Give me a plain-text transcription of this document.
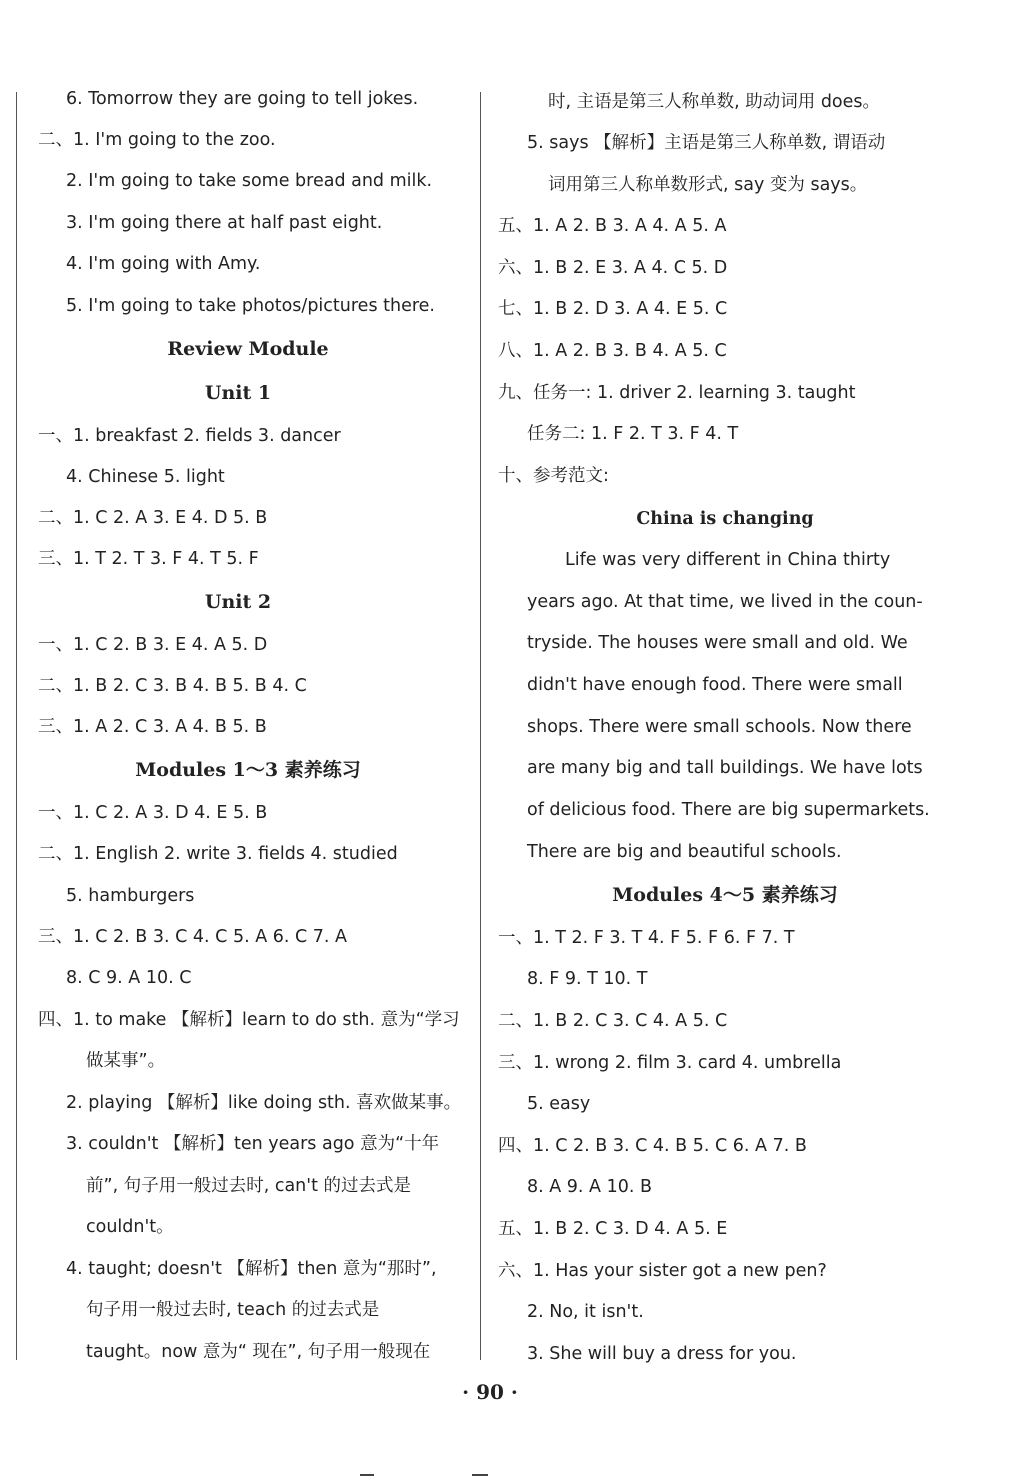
6. Tomorrow they are going to tell jokes.
二、1. I'm going to the zoo.
2. I'm going to take some bread and milk.
3. I'm going there at half past eight.
4. I'm going with Amy.
5. I'm going to take photos/pictures there.
Review Module
Unit 1
一、1. breakfast 2. fields 3. dancer
4. Chinese 5. light
二、1. C 2. A 3. E 4. D 5. B
三、1. T 2. T 3. F 4. T 5. F
Unit 2
一、1. C 2. B 3. E 4. A 5. D
二、1. B 2. C 3. B 4. B 5. B 4. C
三、1. A 2. C 3. A 4. B 5. B
Modules 1～3 素养练习
一、1. C 2. A 3. D 4. E 5. B
二、1. English 2. write 3. fields 4. studied
5. hamburgers
三、1. C 2. B 3. C 4. C 5. A 6. C 7. A
8. C 9. A 10. C
四、1. to make 【解析】learn to do sth. 意为“学习
做某事”。
2. playing 【解析】like doing sth. 喜欢做某事。
3. couldn't 【解析】ten years ago 意为“十年
前”, 句子用一般过去时, can't 的过去式是
couldn't。
4. taught; doesn't 【解析】then 意为“那时”,
句子用一般过去时, teach 的过去式是
taught。now 意为“ 现在”, 句子用一般现在
时, 主语是第三人称单数, 助动词用 does。
5. says 【解析】主语是第三人称单数, 谓语动
词用第三人称单数形式, say 变为 says。
五、1. A 2. B 3. A 4. A 5. A
六、1. B 2. E 3. A 4. C 5. D
七、1. B 2. D 3. A 4. E 5. C
八、1. A 2. B 3. B 4. A 5. C
九、任务一: 1. driver 2. learning 3. taught
任务二: 1. F 2. T 3. F 4. T
十、参考范文:
China is changing
Life was very different in China thirty
years ago. At that time, we lived in the coun-
tryside. The houses were small and old. We
didn't have enough food. There were small
shops. There were small schools. Now there
are many big and tall buildings. We have lots
of delicious food. There are big supermarkets.
There are big and beautiful schools.
Modules 4～5 素养练习
一、1. T 2. F 3. T 4. F 5. F 6. F 7. T
8. F 9. T 10. T
二、1. B 2. C 3. C 4. A 5. C
三、1. wrong 2. film 3. card 4. umbrella
5. easy
四、1. C 2. B 3. C 4. B 5. C 6. A 7. B
8. A 9. A 10. B
五、1. B 2. C 3. D 4. A 5. E
六、1. Has your sister got a new pen?
2. No, it isn't.
3. She will buy a dress for you.
· 90 ·
